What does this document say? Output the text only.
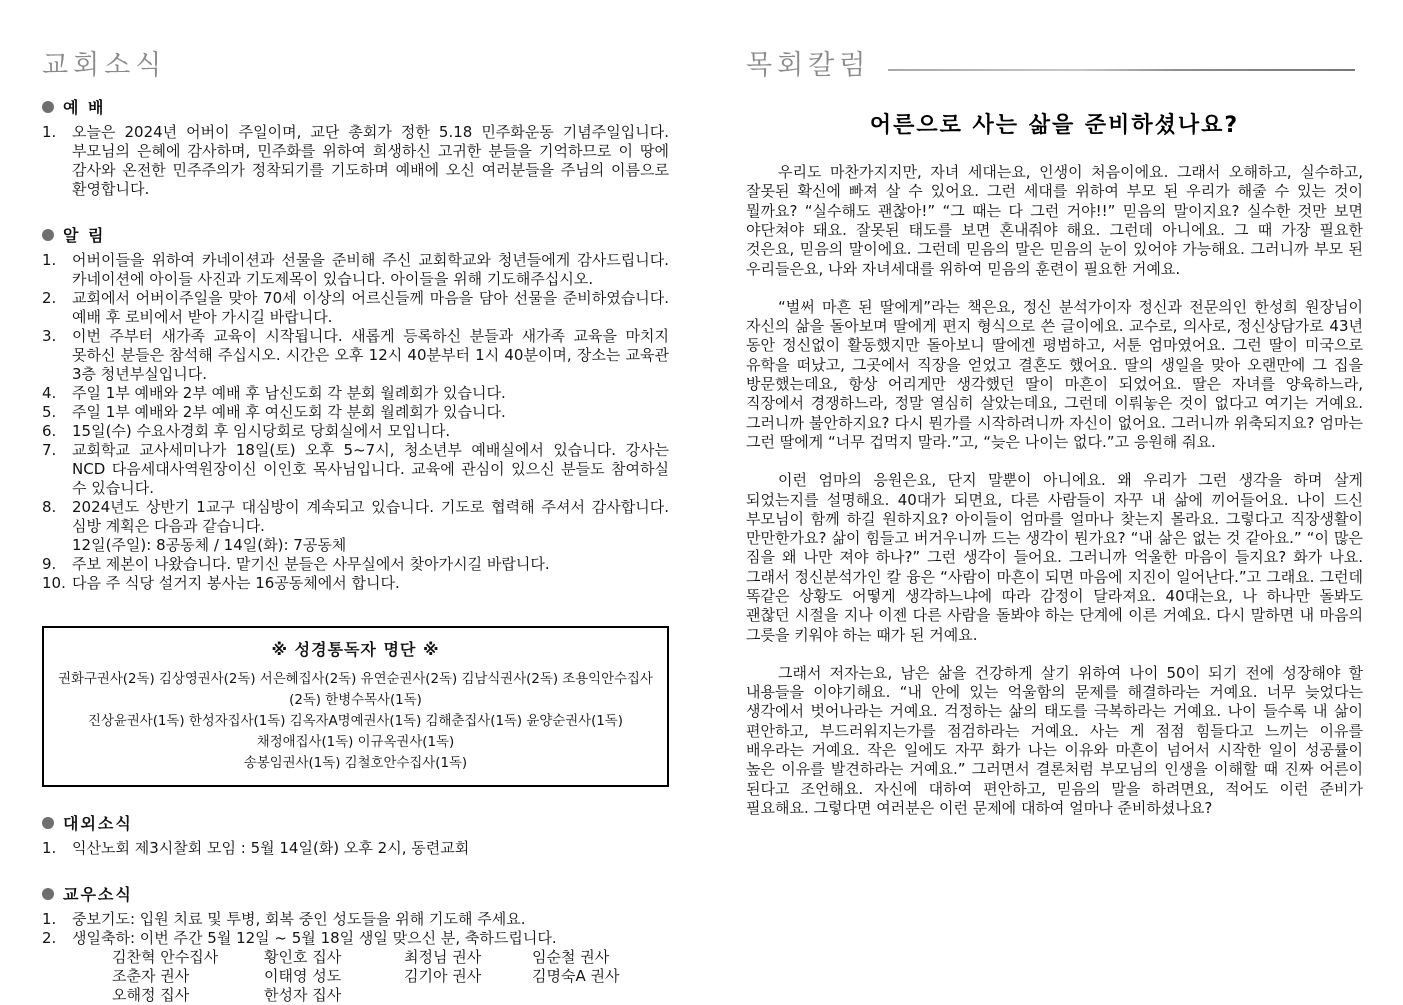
교회소식
예 배
1.	오늘은 2024년 어버이 주일이며, 교단 총회가 정한 5.18 민주화운동 기념주일입니다. 부모님의 은혜에 감사하며, 민주화를 위하여 희생하신 고귀한 분들을 기억하므로 이 땅에 감사와 온전한 민주주의가 정착되기를 기도하며 예배에 오신 여러분들을 주님의 이름으로 환영합니다.
알 림
1.	어버이들을 위하여 카네이션과 선물을 준비해 주신 교회학교와 청년들에게 감사드립니다. 카네이션에 아이들 사진과 기도제목이 있습니다. 아이들을 위해 기도해주십시오.
2.	교회에서 어버이주일을 맞아 70세 이상의 어르신들께 마음을 담아 선물을 준비하였습니다. 예배 후 로비에서 받아 가시길 바랍니다.
3.	이번 주부터 새가족 교육이 시작됩니다. 새롭게 등록하신 분들과 새가족 교육을 마치지 못하신 분들은 참석해 주십시오. 시간은 오후 12시 40분부터 1시 40분이며, 장소는 교육관 3층 청년부실입니다.
4.	주일 1부 예배와 2부 예배 후 남신도회 각 분회 월례회가 있습니다.
5.	주일 1부 예배와 2부 예배 후 여신도회 각 분회 월례회가 있습니다.
6.	15일(수) 수요사경회 후 임시당회로 당회실에서 모입니다.
7.	교회학교 교사세미나가 18일(토) 오후 5~7시, 청소년부 예배실에서 있습니다. 강사는 NCD 다음세대사역원장이신 이인호 목사님입니다. 교육에 관심이 있으신 분들도 참여하실 수 있습니다.
8.	2024년도 상반기 1교구 대심방이 계속되고 있습니다. 기도로 협력해 주셔서 감사합니다. 심방 계획은 다음과 같습니다.
12일(주일): 8공동체 / 14일(화): 7공동체
9.	주보 제본이 나왔습니다. 맡기신 분들은 사무실에서 찾아가시길 바랍니다.
10. 다음 주 식당 설거지 봉사는 16공동체에서 합니다.
※ 성경통독자 명단 ※
권화구권사(2독) 김상영권사(2독) 서은혜집사(2독) 유연순권사(2독) 김남식권사(2독) 조용익안수집사(2독) 한병수목사(1독)
진상윤권사(1독) 한성자집사(1독) 김옥자A명예권사(1독) 김해춘집사(1독) 윤양순권사(1독) 채정애집사(1독) 이규옥권사(1독)
송봉임권사(1독) 김철호안수집사(1독)
대외소식
1.	익산노회 제3시찰회 모임 : 5월 14일(화) 오후 2시, 동련교회
교우소식
1.	중보기도: 입원 치료 및 투병, 회복 중인 성도들을 위해 기도해 주세요.
2.	생일축하: 이번 주간 5월 12일 ~ 5월 18일 생일 맞으신 분, 축하드립니다.
김찬혁 안수집사	황인호 집사	최정님 권사	임순철 권사
조춘자 권사	이태영 성도	김기아 권사	김명숙A 권사
오해정 집사	한성자 집사
목회칼럼
어른으로 사는 삶을 준비하셨나요?

우리도 마찬가지지만, 자녀 세대는요, 인생이 처음이에요. 그래서 오해하고, 실수하고, 잘못된 확신에 빠져 살 수 있어요. 그런 세대를 위하여 부모 된 우리가 해줄 수 있는 것이 뭘까요? “실수해도 괜찮아!” “그 때는 다 그런 거야!!” 믿음의 말이지요? 실수한 것만 보면 야단쳐야 돼요. 잘못된 태도를 보면 혼내줘야 해요. 그런데 아니에요. 그 때 가장 필요한 것은요, 믿음의 말이에요. 그런데 믿음의 말은 믿음의 눈이 있어야 가능해요. 그러니까 부모 된 우리들은요, 나와 자녀세대를 위하여 믿음의 훈련이 필요한 거예요.

“벌써 마흔 된 딸에게”라는 책은요, 정신 분석가이자 정신과 전문의인 한성희 원장님이 자신의 삶을 돌아보며 딸에게 편지 형식으로 쓴 글이에요. 교수로, 의사로, 정신상담가로 43년 동안 정신없이 활동했지만 돌아보니 딸에겐 평범하고, 서툰 엄마였어요. 그런 딸이 미국으로 유학을 떠났고, 그곳에서 직장을 얻었고 결혼도 했어요. 딸의 생일을 맞아 오랜만에 그 집을 방문했는데요, 항상 어리게만 생각했던 딸이 마흔이 되었어요. 딸은 자녀를 양육하느라, 직장에서 경쟁하느라, 정말 열심히 살았는데요, 그런데 이뤄놓은 것이 없다고 여기는 거예요. 그러니까 불안하지요? 다시 뭔가를 시작하려니까 자신이 없어요. 그러니까 위축되지요? 엄마는 그런 딸에게 “너무 겁먹지 말라.”고, “늦은 나이는 없다.”고 응원해 줘요.

이런 엄마의 응원은요, 단지 말뿐이 아니에요. 왜 우리가 그런 생각을 하며 살게 되었는지를 설명해요. 40대가 되면요, 다른 사람들이 자꾸 내 삶에 끼어들어요. 나이 드신 부모님이 함께 하길 원하지요? 아이들이 엄마를 얼마나 찾는지 몰라요. 그렇다고 직장생활이 만만한가요? 삶이 힘들고 버거우니까 드는 생각이 뭔가요? “내 삶은 없는 것 같아요.” “이 많은 짐을 왜 나만 져야 하나?” 그런 생각이 들어요. 그러니까 억울한 마음이 들지요? 화가 나요. 그래서 정신분석가인 칼 융은 “사람이 마흔이 되면 마음에 지진이 일어난다.”고 그래요. 그런데 똑같은 상황도 어떻게 생각하느냐에 따라 감정이 달라져요. 40대는요, 나 하나만 돌봐도 괜찮던 시절을 지나 이젠 다른 사람을 돌봐야 하는 단계에 이른 거예요. 다시 말하면 내 마음의 그릇을 키워야 하는 때가 된 거예요.

그래서 저자는요, 남은 삶을 건강하게 살기 위하여 나이 50이 되기 전에 성장해야 할 내용들을 이야기해요. “내 안에 있는 억울함의 문제를 해결하라는 거예요. 너무 늦었다는 생각에서 벗어나라는 거예요. 걱정하는 삶의 태도를 극복하라는 거예요. 나이 들수록 내 삶이 편안하고, 부드러워지는가를 점검하라는 거예요. 사는 게 점점 힘들다고 느끼는 이유를 배우라는 거예요. 작은 일에도 자꾸 화가 나는 이유와 마흔이 넘어서 시작한 일이 성공률이 높은 이유를 발견하라는 거예요.” 그러면서 결론처럼 부모님의 인생을 이해할 때 진짜 어른이 된다고 조언해요. 자신에 대하여 편안하고, 믿음의 말을 하려면요, 적어도 이런 준비가 필요해요. 그렇다면 여러분은 이런 문제에 대하여 얼마나 준비하셨나요?
